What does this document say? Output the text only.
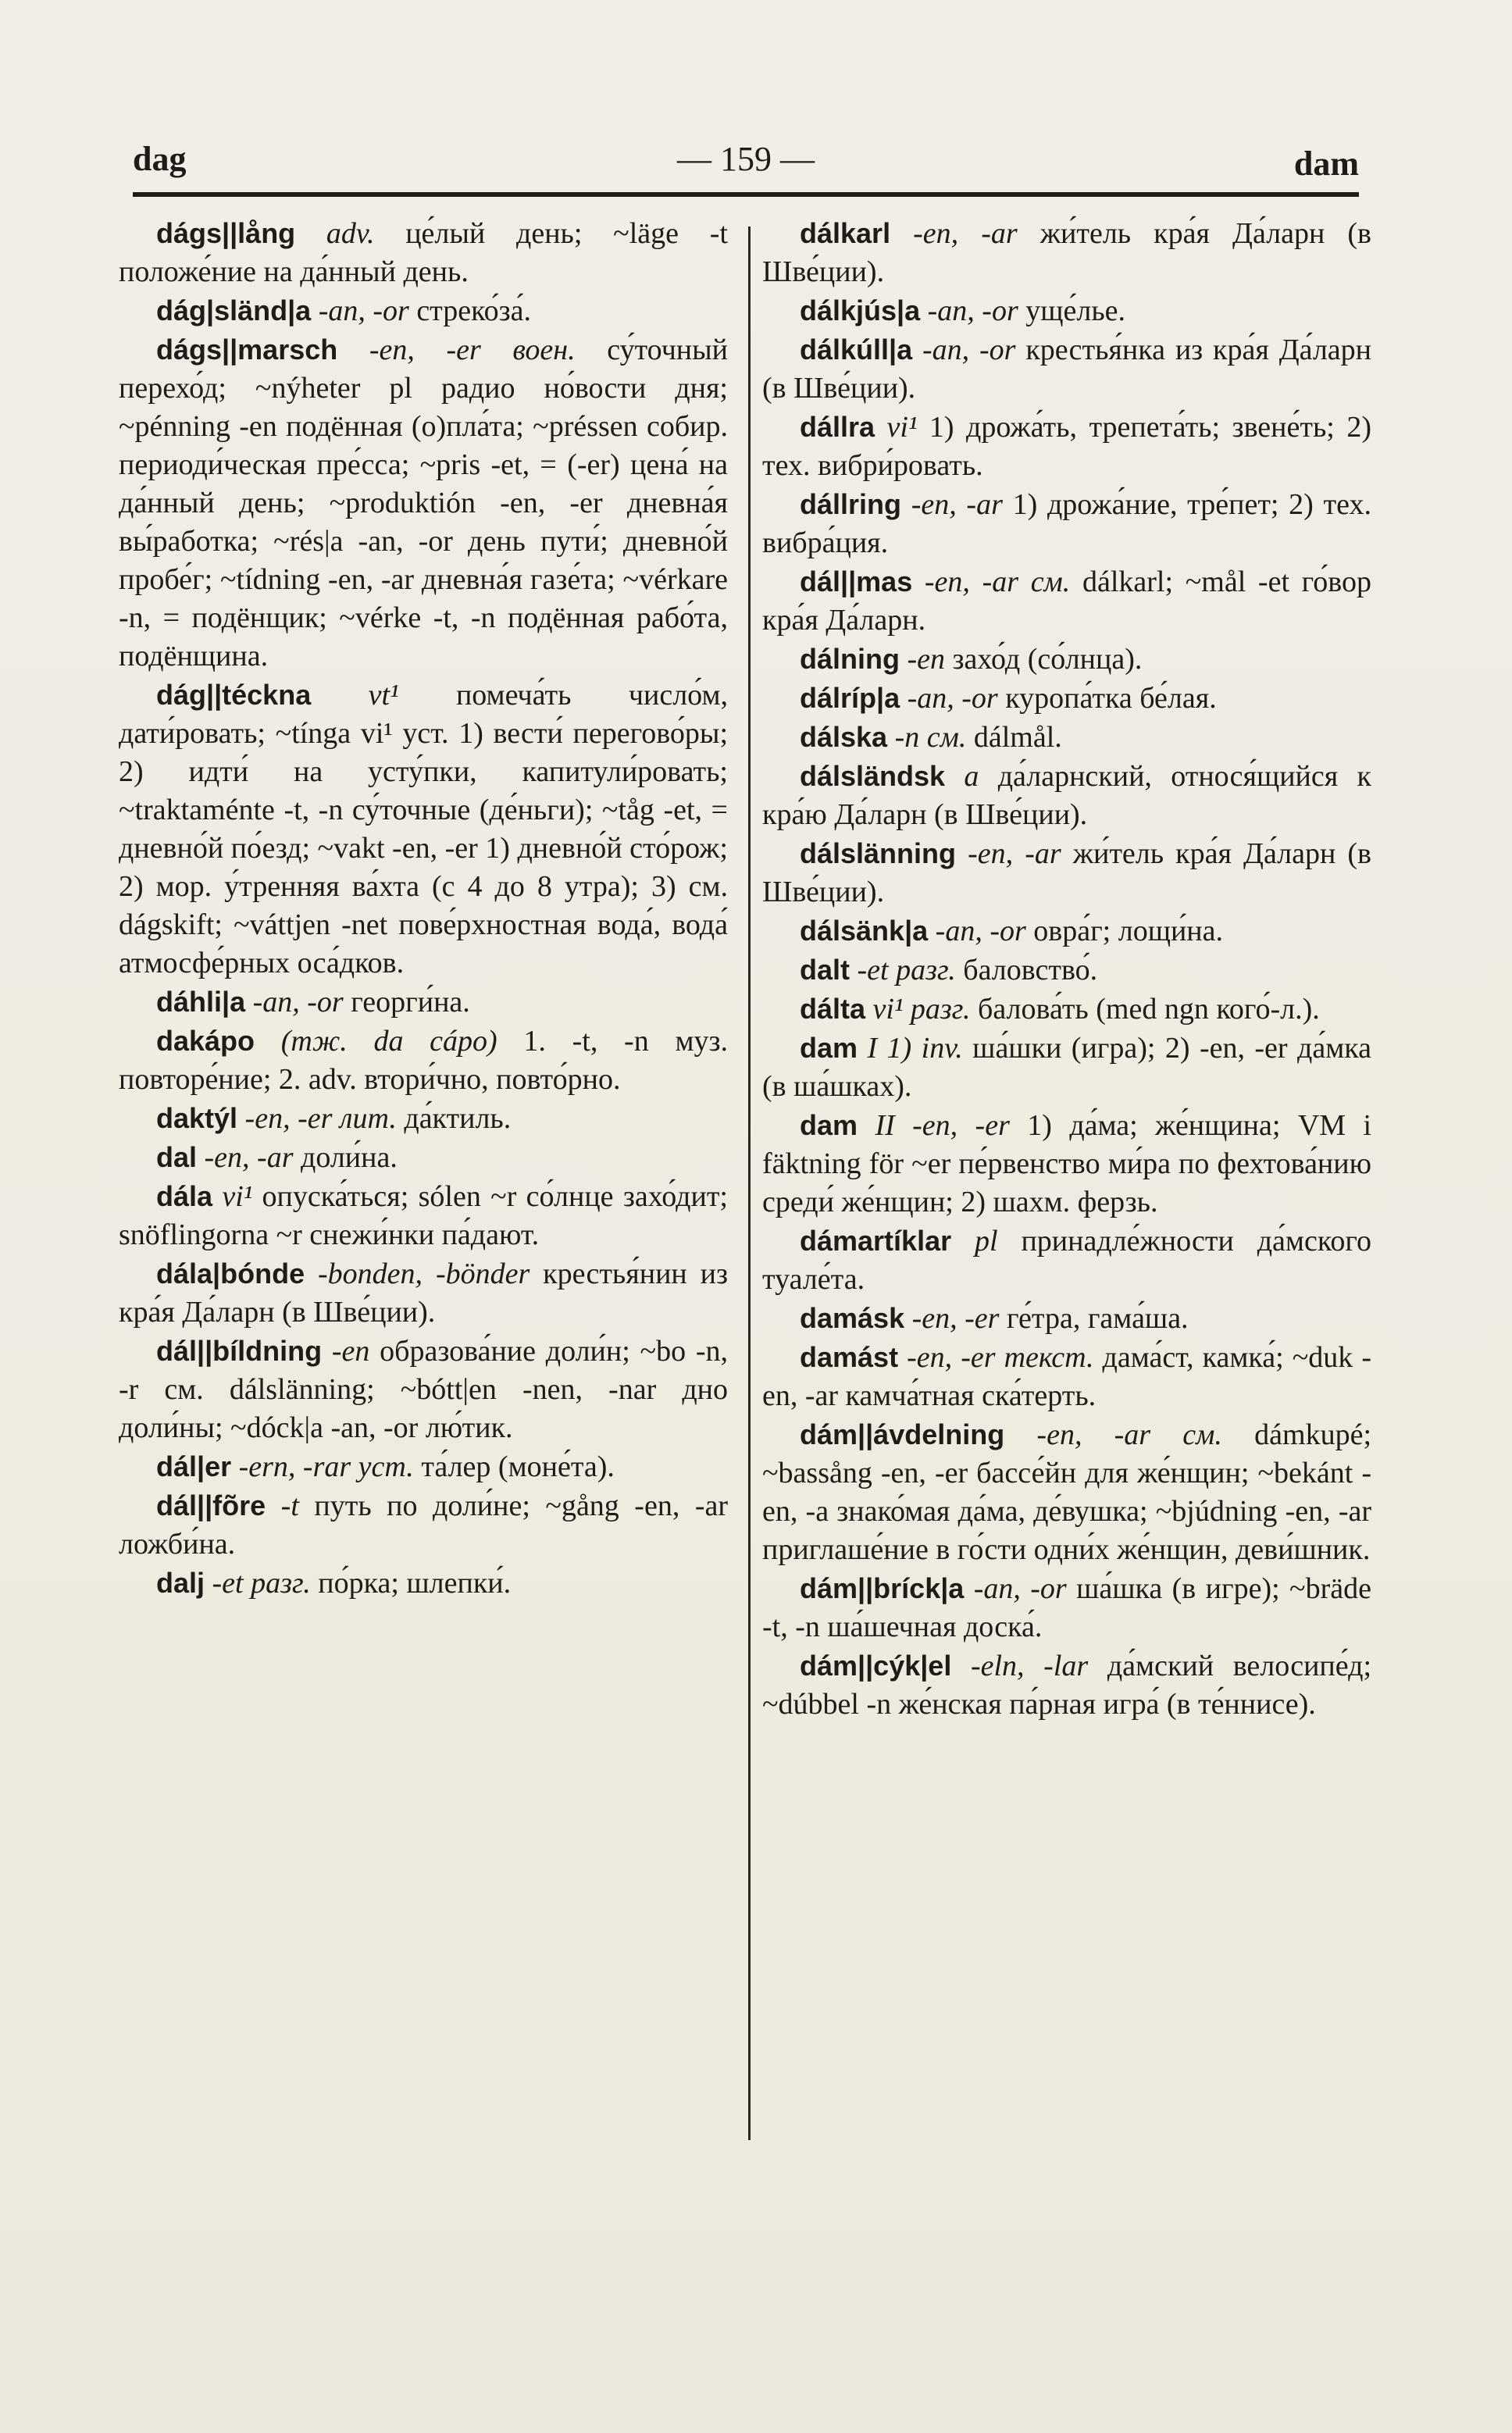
dag	— 159 —	dam

dágs||lång adv. це́лый день; ~läge -t положе́ние на да́нный день.

dág|sländ|a -an, -or стреко́за́.

dágs||marsch -en, -er воен. су́точный перехо́д; ~nýheter pl радио но́вости дня; ~pénning -en подённая (о)пла́та; ~préssen собир. периоди́ческая пре́сса; ~pris -et, = (-er) цена́ на да́нный день; ~produktión -en, -er дневна́я вы́работка; ~rés|a -an, -or день пути́; дневно́й пробе́г; ~tídning -en, -ar дневна́я газе́та; ~vérkare -n, = подёнщик; ~vérke -t, -n подённая рабо́та, подёнщина.

dág||téckna vt¹ помеча́ть число́м, дати́ровать; ~tínga vi¹ уст. 1) вести́ перегово́ры; 2) идти́ на усту́пки, капитули́ровать; ~traktaménte -t, -n су́точные (де́ньги); ~tåg -et, = дневно́й по́езд; ~vakt -en, -er 1) дневно́й сто́рож; 2) мор. у́тренняя ва́хта (с 4 до 8 утра); 3) см. dágskift; ~váttjen -net пове́рхностная вода́, вода́ атмосфе́рных оса́дков.

dáhli|a -an, -or георги́на.

dakápo (тж. da cápo) 1. -t, -n муз. повторе́ние; 2. adv. втори́чно, повто́рно.

daktýl -en, -er лит. да́ктиль.

dal -en, -ar доли́на.

dála vi¹ опуска́ться; sólen ~r со́лнце захо́дит; snöflingorna ~r снежи́нки па́дают.

dála|bónde -bonden, -bönder крестья́нин из кра́я Да́ларн (в Шве́ции).

dál||bíldning -en образова́ние доли́н; ~bo -n, -r см. dálslänning; ~bótt|en -nen, -nar дно доли́ны; ~dóck|a -an, -or лю́тик.

dál|er -ern, -rar уст. та́лер (моне́та).

dál||fõre -t путь по доли́не; ~gång -en, -ar ложби́на.

dalj -et разг. по́рка; шлепки́.

dálkarl -en, -ar жи́тель кра́я Да́ларн (в Шве́ции).

dálkjús|a -an, -or уще́лье.

dálkúll|a -an, -or крестья́нка из кра́я Да́ларн (в Шве́ции).

dállra vi¹ 1) дрожа́ть, трепета́ть; звене́ть; 2) тех. вибри́ровать.

dállring -en, -ar 1) дрожа́ние, тре́пет; 2) тех. вибра́ция.

dál||mas -en, -ar см. dálkarl; ~mål -et го́вор кра́я Да́ларн.

dálning -en захо́д (со́лнца).

dálríp|a -an, -or куропа́тка бе́лая.

dálska -n см. dálmål.

dálsländsk a да́ларнский, относя́щийся к кра́ю Да́ларн (в Шве́ции).

dálslänning -en, -ar жи́тель кра́я Да́ларн (в Шве́ции).

dálsänk|a -an, -or овра́г; лощи́на.

dalt -et разг. баловство́.

dálta vi¹ разг. балова́ть (med ngn кого́-л.).

dam I 1) inv. ша́шки (игра); 2) -en, -er да́мка (в ша́шках).

dam II -en, -er 1) да́ма; же́нщина; VM i fäktning för ~er пе́рвенство ми́ра по фехтова́нию среди́ же́нщин; 2) шахм. ферзь.

dámartíklar pl принадле́жности да́мского туале́та.

damásk -en, -er ге́тра, гама́ша.

damást -en, -er текст. дама́ст, камка́; ~duk -en, -ar камча́тная ска́терть.

dám||ávdelning -en, -ar см. dámkupé; ~bassång -en, -er бассе́йн для же́нщин; ~bekánt -en, -a знако́мая да́ма, де́вушка; ~bjúdning -en, -ar приглаше́ние в го́сти одни́х же́нщин, деви́шник.

dám||bríck|a -an, -or ша́шка (в игре); ~bräde -t, -n ша́шечная доска́.

dám||cýk|el -eln, -lar да́мский велосипе́д; ~dúbbel -n же́нская па́рная игра́ (в те́ннисе).
